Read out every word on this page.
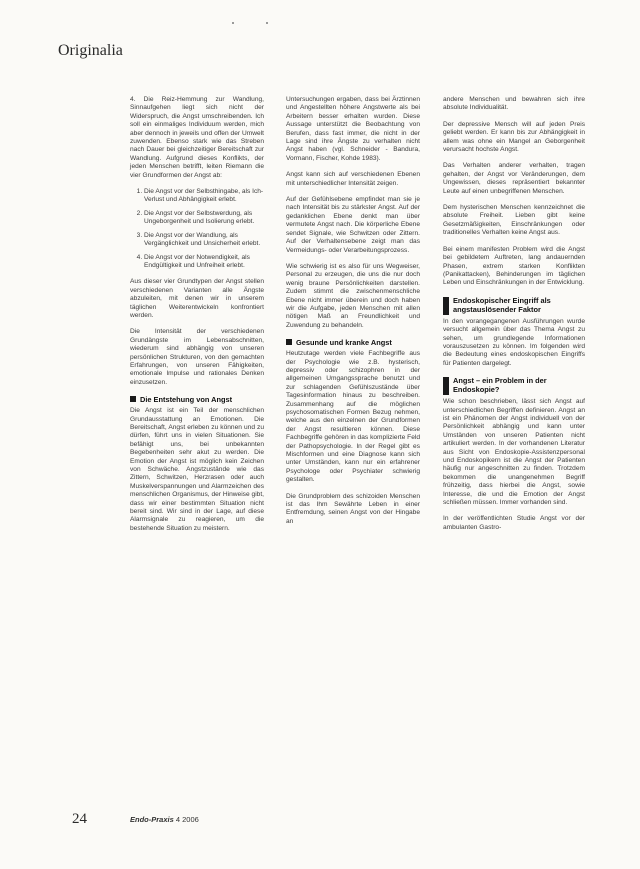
Originalia

4. Die Reiz-Hemmung zur Wandlung, Sinnaufgehen liegt sich nicht der Widerspruch, die Angst umschreibenden. Ich soll ein einmaliges Individuum werden, mich aber dennoch in jeweils und offen der Umwelt zuwenden. Ebenso stark wie das Streben nach Dauer bei gleichzeitiger Bereitschaft zur Wandlung. Aufgrund dieses Konflikts, der jeden Menschen betrifft, leiten Riemann die vier Grundformen der Angst ab:

1. Die Angst vor der Selbsthingabe, als Ich-Verlust und Abhängigkeit erlebt.
2. Die Angst vor der Selbstwerdung, als Ungeborgenheit und Isolierung erlebt.
3. Die Angst vor der Wandlung, als Vergänglichkeit und Unsicherheit erlebt.
4. Die Angst vor der Notwendigkeit, als Endgültigkeit und Unfreiheit erlebt.

Aus dieser vier Grundtypen der Angst stellen verschiedenen Varianten alle Ängste abzuleiten, mit denen wir in unserem täglichen Weiterentwickeln konfrontiert werden.

Die Intensität der verschiedenen Grundängste im Lebensabschnitten, wiederum sind abhängig von unseren persönlichen Strukturen, von den gemachten Erfahrungen, von unseren Fähigkeiten, emotionale Impulse und rationales Denken einzusetzen.

Die Entstehung von Angst

Die Angst ist ein Teil der menschlichen Grundausstattung an Emotionen. Die Bereitschaft, Angst erleben zu können und zu dürfen, führt uns in vielen Situationen. Sie befähigt uns, bei unbekannten Begebenheiten sehr akut zu werden. Die Emotion der Angst ist möglich kein Zeichen von Schwäche. Angstzustände wie das Zittern, Schwitzen, Herzrasen oder auch Muskelverspannungen und Alarmzeichen des menschlichen Organismus, der Hinweise gibt, dass wir einer bestimmten Situation nicht bereit sind. Wir sind in der Lage, auf diese Alarmsignale zu reagieren, um die bestehende Situation zu meistern.

Untersuchungen ergaben, dass bei Ärztinnen und Angestellten höhere Angstwerte als bei Arbeitern besser erhalten wurden. Diese Aussage unterstützt die Beobachtung von Berufen, dass fast immer, die nicht in der Lage sind ihre Ängste zu verhalten nicht Angst haben (vgl. Schneider - Bandura, Vormann, Fischer, Kohde 1983).

Angst kann sich auf verschiedenen Ebenen mit unterschiedlicher Intensität zeigen.

Auf der Gefühlsebene empfindet man sie je nach Intensität bis zu stärkster Angst. Auf der gedanklichen Ebene denkt man über vermutete Angst nach. Die körperliche Ebene sendet Signale, wie Schwitzen oder Zittern. Auf der Verhaltensebene zeigt man das Vermeidungs- oder Verarbeitungsprozess.

Wie schwierig ist es also für uns Wegweiser, Personal zu erzeugen, die uns die nur doch wenig braune Persönlichkeiten darstellen. Zudem stimmt die zwischenmenschliche Ebene nicht immer überein und doch haben wir die Aufgabe, jeden Menschen mit allen nötigen Maß an Freundlichkeit und Zuwendung zu behandeln.

Gesunde und kranke Angst

Heutzutage werden viele Fachbegriffe aus der Psychologie wie z.B. hysterisch, depressiv oder schizophren in der allgemeinen Umgangssprache benutzt und zur schlagenden Gefühlszustände über Tagesinformation hinaus zu beschreiben. Zusammenhang auf die möglichen psychosomatischen Formen Bezug nehmen, welche aus den einzelnen der Grundformen der Angst resultieren können. Diese Fachbegriffe gehören in das komplizierte Feld der Pathopsychologie. In der Regel gibt es Mischformen und eine Diagnose kann sich unter Umständen, kann nur ein erfahrener Psychologe oder Psychiater schwierig gestalten.

Die Grundproblem des schizoiden Menschen ist das Ihm Sewährte Leben in einer Entfremdung, seinen Angst von der Hingabe an

andere Menschen und bewahren sich ihre absolute Individualität.

Der depressive Mensch will auf jeden Preis geliebt werden. Er kann bis zur Abhängigkeit in allem was ohne ein Mangel an Geborgenheit verursacht hochste Angst.

Das Verhalten anderer verhalten, tragen gehalten, der Angst vor Veränderungen, dem Ungewissen, dieses repräsentiert bekannter Leute auf einen unbegriffenen Menschen.

Dem hysterischen Menschen kennzeichnet die absolute Freiheit. Lieben gibt keine Gesetzmäßigkeiten, Einschränkungen oder traditionelles Verhalten keine Angst aus.

Bei einem manifesten Problem wird die Angst bei gebildetem Auftreten, lang andauernden Phasen, extrem starken Konflikten (Panikattacken), Behinderungen im täglichen Leben und Einschränkungen in der Entwicklung.

Endoskopischer Eingriff als angstauslösender Faktor

In den vorangegangenen Ausführungen wurde versucht allgemein über das Thema Angst zu sehen, um grundlegende Informationen vorauszusetzen zu können. Im folgenden wird die Bedeutung eines endoskopischen Eingriffs für Patienten dargelegt.

Angst – ein Problem in der Endoskopie?

Wie schon beschrieben, lässt sich Angst auf unterschiedlichen Begriffen definieren. Angst an ist ein Phänomen der Angst individuell von der Persönlichkeit abhängig und kann unter Umständen von unseren Patienten nicht artikuliert werden. In der vorhandenen Literatur aus Sicht von Endoskopie-Assistenzpersonal und Endoskopikern ist die Angst der Patienten häufig nur angeschnitten zu finden. Trotzdem bekommen die unangenehmen Begriff frühzeitig, dass hierbei die Angst, sowie Interesse, die und die Emotion der Angst schließen müssen. Immer vorhanden sind.

In der veröffentlichten Studie Angst vor der ambulanten Gastro-

24	Endo-Praxis 4 2006
